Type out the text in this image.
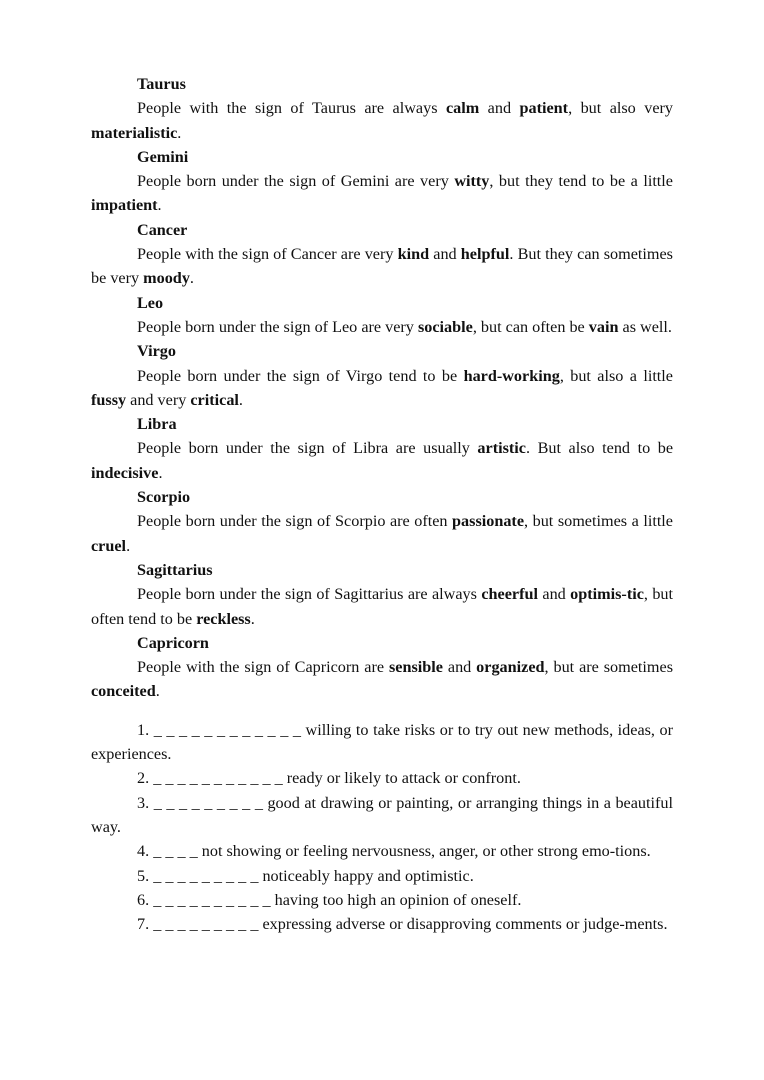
Taurus
People with the sign of Taurus are always calm and patient, but also very materialistic.
Gemini
People born under the sign of Gemini are very witty, but they tend to be a little impatient.
Cancer
People with the sign of Cancer are very kind and helpful. But they can sometimes be very moody.
Leo
People born under the sign of Leo are very sociable, but can often be vain as well.
Virgo
People born under the sign of Virgo tend to be hard-working, but also a little fussy and very critical.
Libra
People born under the sign of Libra are usually artistic. But also tend to be indecisive.
Scorpio
People born under the sign of Scorpio are often passionate, but sometimes a little cruel.
Sagittarius
People born under the sign of Sagittarius are always cheerful and optimis-tic, but often tend to be reckless.
Capricorn
People with the sign of Capricorn are sensible and organized, but are sometimes conceited.
1. _ _ _ _ _ _ _ _ _ _ _ _ willing to take risks or to try out new methods, ideas, or experiences.
2. _ _ _ _ _ _ _ _ _ _ _ ready or likely to attack or confront.
3. _ _ _ _ _ _ _ _ _ good at drawing or painting, or arranging things in a beautiful way.
4. _ _ _ _ not showing or feeling nervousness, anger, or other strong emo-tions.
5. _ _ _ _ _ _ _ _ _ noticeably happy and optimistic.
6. _ _ _ _ _ _ _ _ _ _ having too high an opinion of oneself.
7. _ _ _ _ _ _ _ _ _ expressing adverse or disapproving comments or judge-ments.
